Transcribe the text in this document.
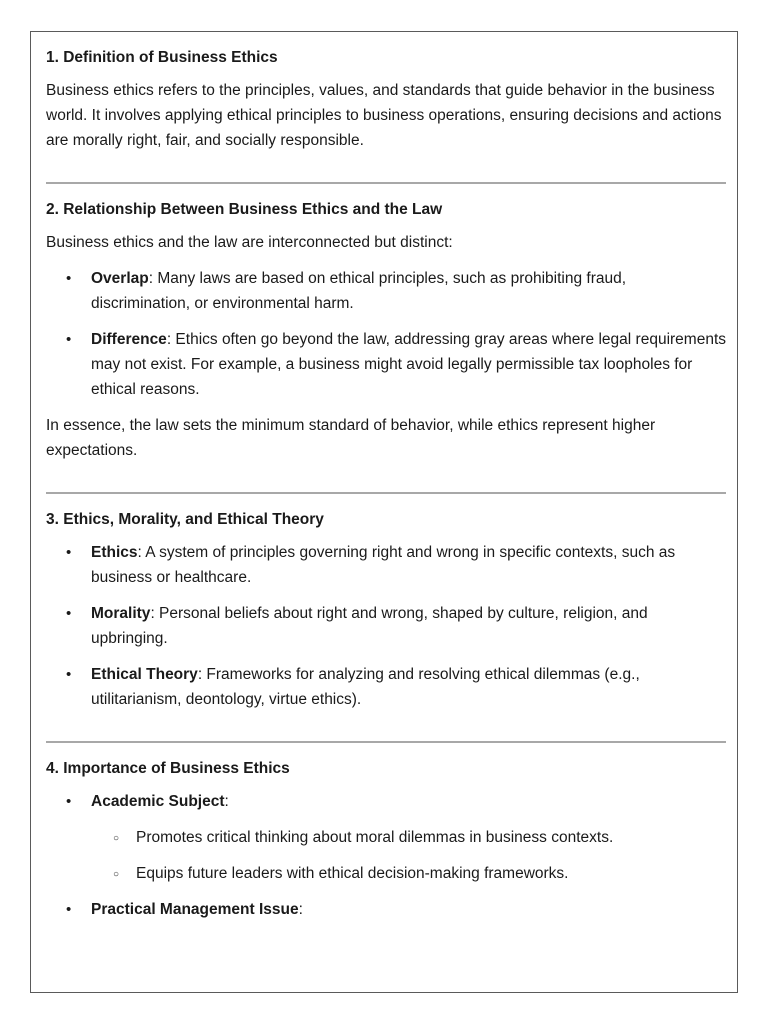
1. Definition of Business Ethics

Business ethics refers to the principles, values, and standards that guide behavior in the business world. It involves applying ethical principles to business operations, ensuring decisions and actions are morally right, fair, and socially responsible.

2. Relationship Between Business Ethics and the Law

Business ethics and the law are interconnected but distinct:

• Overlap: Many laws are based on ethical principles, such as prohibiting fraud, discrimination, or environmental harm.
• Difference: Ethics often go beyond the law, addressing gray areas where legal requirements may not exist. For example, a business might avoid legally permissible tax loopholes for ethical reasons.

In essence, the law sets the minimum standard of behavior, while ethics represent higher expectations.

3. Ethics, Morality, and Ethical Theory
• Ethics: A system of principles governing right and wrong in specific contexts, such as business or healthcare.
• Morality: Personal beliefs about right and wrong, shaped by culture, religion, and upbringing.
• Ethical Theory: Frameworks for analyzing and resolving ethical dilemmas (e.g., utilitarianism, deontology, virtue ethics).
4. Importance of Business Ethics
• Academic Subject:
○ Promotes critical thinking about moral dilemmas in business contexts.
○ Equips future leaders with ethical decision-making frameworks.
• Practical Management Issue:
